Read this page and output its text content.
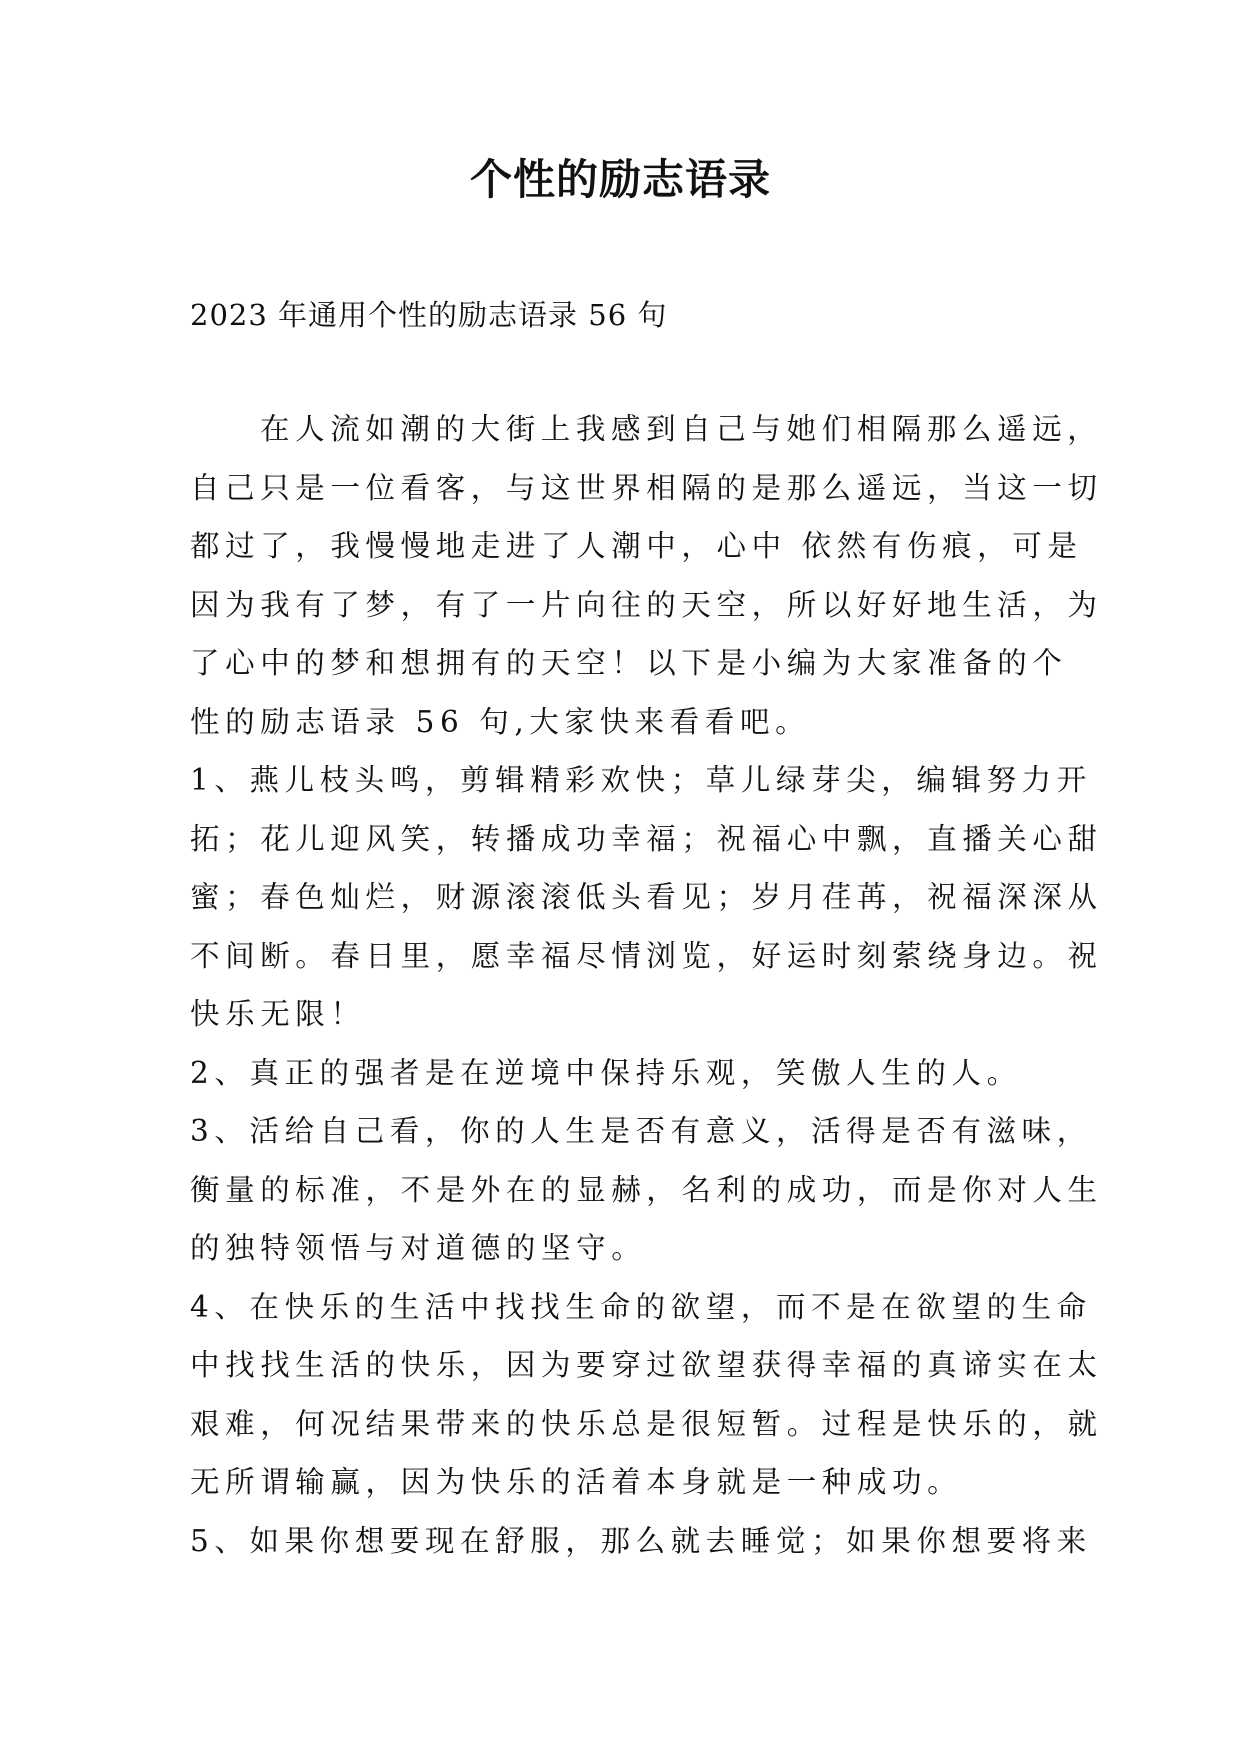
个性的励志语录
2023 年通用个性的励志语录 56 句
在人流如潮的大街上我感到自己与她们相隔那么遥远，
自己只是一位看客，与这世界相隔的是那么遥远，当这一切
都过了，我慢慢地走进了人潮中，心中 依然有伤痕，可是
因为我有了梦，有了一片向往的天空，所以好好地生活，为
了心中的梦和想拥有的天空！以下是小编为大家准备的个
性的励志语录 56 句,大家快来看看吧。
1、燕儿枝头鸣，剪辑精彩欢快；草儿绿芽尖，编辑努力开
拓；花儿迎风笑，转播成功幸福；祝福心中飘，直播关心甜
蜜；春色灿烂，财源滚滚低头看见；岁月荏苒，祝福深深从
不间断。春日里，愿幸福尽情浏览，好运时刻萦绕身边。祝
快乐无限！
2、真正的强者是在逆境中保持乐观，笑傲人生的人。
3、活给自己看，你的人生是否有意义，活得是否有滋味，
衡量的标准，不是外在的显赫，名利的成功，而是你对人生
的独特领悟与对道德的坚守。
4、在快乐的生活中找找生命的欲望，而不是在欲望的生命
中找找生活的快乐，因为要穿过欲望获得幸福的真谛实在太
艰难，何况结果带来的快乐总是很短暂。过程是快乐的，就
无所谓输赢，因为快乐的活着本身就是一种成功。
5、如果你想要现在舒服，那么就去睡觉；如果你想要将来
